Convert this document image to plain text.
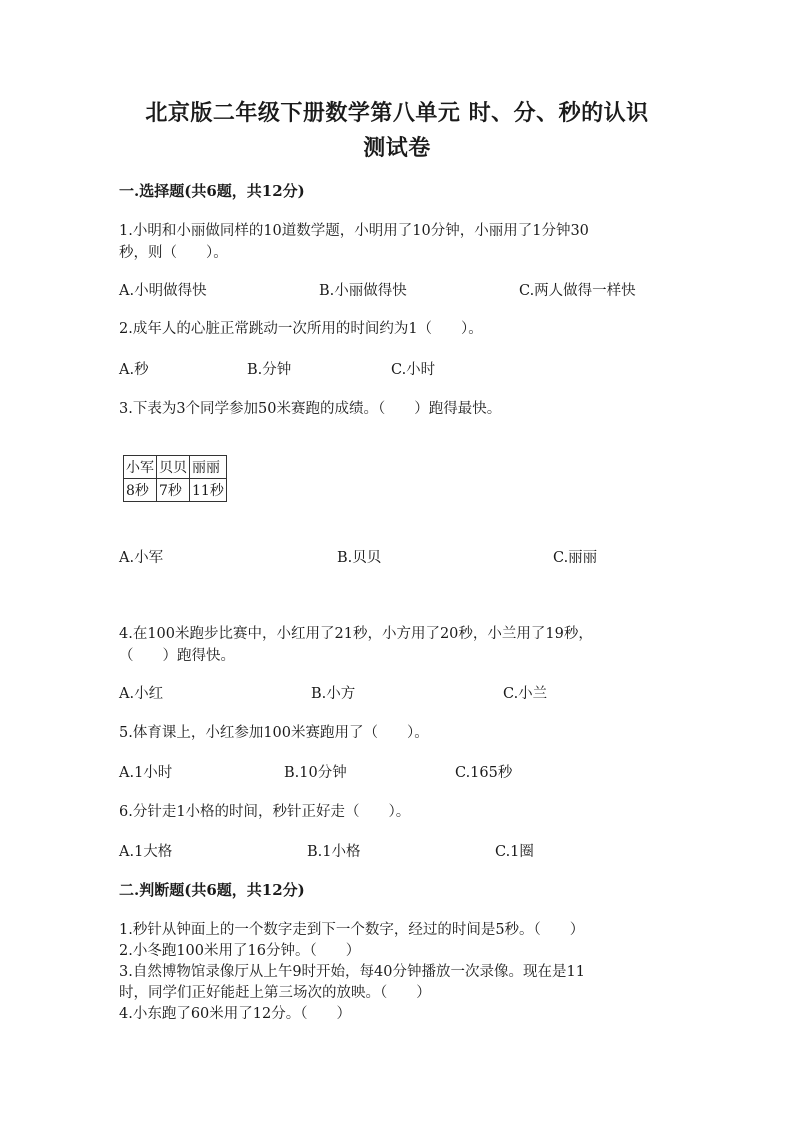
北京版二年级下册数学第八单元 时、分、秒的认识
测试卷
一.选择题(共6题，共12分)
1.小明和小丽做同样的10道数学题，小明用了10分钟，小丽用了1分钟30
秒，则（　　）。
A.小明做得快	B.小丽做得快	C.两人做得一样快
2.成年人的心脏正常跳动一次所用的时间约为1（　　）。
A.秒	B.分钟	C.小时
3.下表为3个同学参加50米赛跑的成绩。（　　）跑得最快。
小军	贝贝	丽丽
8秒	7秒	11秒
A.小军	B.贝贝	C.丽丽
4.在100米跑步比赛中，小红用了21秒，小方用了20秒，小兰用了19秒，
（　　）跑得快。
A.小红	B.小方	C.小兰
5.体育课上，小红参加100米赛跑用了（　　）。
A.1小时	B.10分钟	C.165秒
6.分针走1小格的时间，秒针正好走（　　）。
A.1大格	B.1小格	C.1圈
二.判断题(共6题，共12分)
1.秒针从钟面上的一个数字走到下一个数字，经过的时间是5秒。（　　）
2.小冬跑100米用了16分钟。（　　）
3.自然博物馆录像厅从上午9时开始，每40分钟播放一次录像。现在是11
时，同学们正好能赶上第三场次的放映。（　　）
4.小东跑了60米用了12分。（　　）
